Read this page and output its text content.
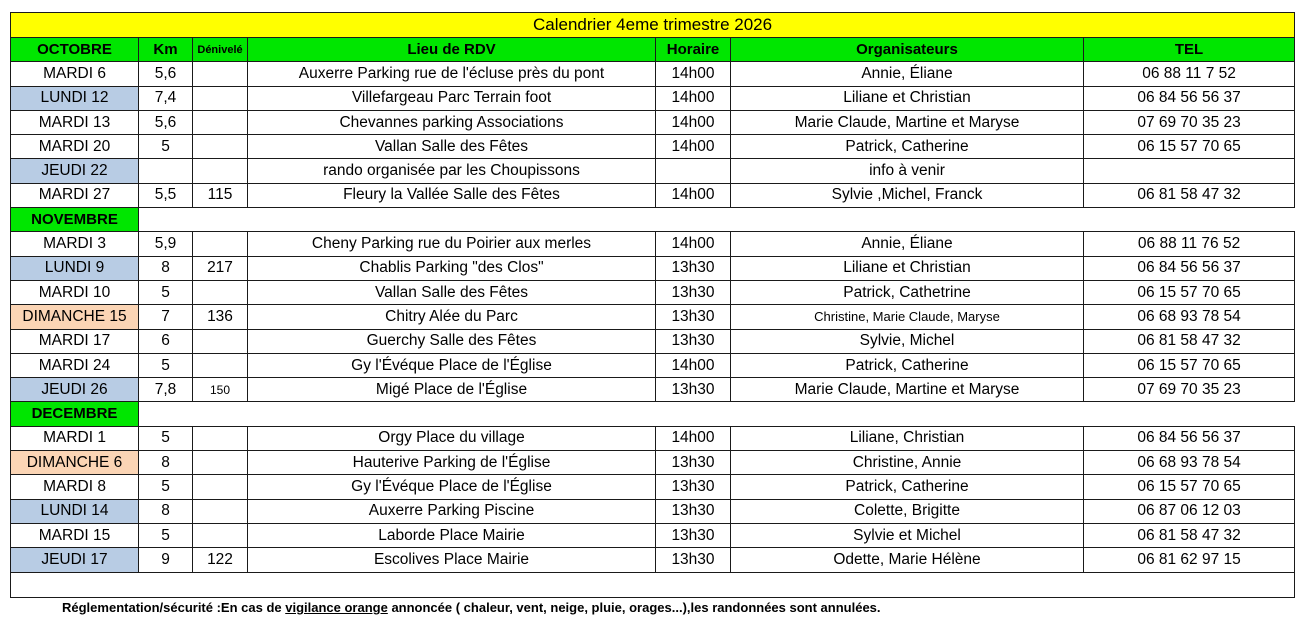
Calendrier 4eme trimestre 2026						
OCTOBRE	Km	Dénivelé	Lieu de RDV	Horaire	Organisateurs	TEL
MARDI 6	5,6		Auxerre Parking rue de l'écluse près du pont	14h00	Annie, Éliane	06 88 11 7 52
LUNDI 12	7,4		Villefargeau Parc Terrain foot	14h00	Liliane et Christian	06 84 56 56 37
MARDI 13	5,6		Chevannes parking Associations	14h00	Marie Claude, Martine et Maryse	07 69 70 35 23
MARDI 20	5		Vallan Salle des Fêtes	14h00	Patrick, Catherine	06 15 57 70 65
JEUDI 22			rando organisée par les Choupissons		info à venir	
MARDI 27	5,5	115	Fleury la Vallée Salle des Fêtes	14h00	Sylvie ,Michel, Franck	06 81 58 47 32
NOVEMBRE						
MARDI 3	5,9		Cheny Parking rue du Poirier aux merles	14h00	Annie, Éliane	06 88 11 76 52
LUNDI 9	8	217	Chablis Parking "des Clos"	13h30	Liliane et Christian	06 84 56 56 37
MARDI 10	5		Vallan Salle des Fêtes	13h30	Patrick, Cathetrine	06 15 57 70 65
DIMANCHE 15	7	136	Chitry Alée du Parc	13h30	Christine, Marie Claude, Maryse	06 68 93 78 54
MARDI 17	6		Guerchy Salle des Fêtes	13h30	Sylvie, Michel	06 81 58 47 32
MARDI 24	5		Gy l'Évéque Place de l'Église	14h00	Patrick, Catherine	06 15 57 70 65
JEUDI 26	7,8	150	Migé Place de l'Église	13h30	Marie Claude, Martine et Maryse	07 69 70 35 23
DECEMBRE						
MARDI 1	5		Orgy Place du village	14h00	Liliane, Christian	06 84 56 56 37
DIMANCHE 6	8		Hauterive Parking de l'Église	13h30	Christine, Annie	06 68 93 78 54
MARDI 8	5		Gy l'Évéque Place de l'Église	13h30	Patrick, Catherine	06 15 57 70 65
LUNDI 14	8		Auxerre Parking Piscine	13h30	Colette, Brigitte	06 87 06 12 03
MARDI 15	5		Laborde Place Mairie	13h30	Sylvie et Michel	06 81 58 47 32
JEUDI 17	9	122	Escolives Place Mairie	13h30	Odette, Marie Hélène	06 81 62 97 15

Réglementation/sécurité :En cas de vigilance orange annoncée ( chaleur, vent, neige, pluie, orages...),les randonnées sont annulées.
